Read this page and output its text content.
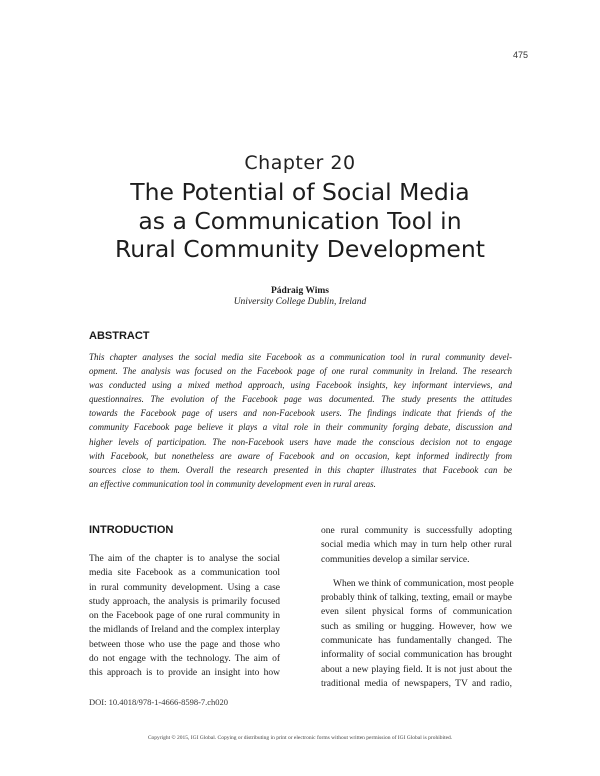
475
Chapter 20
The Potential of Social Media
as a Communication Tool in
Rural Community Development
Pádraig Wims
University College Dublin, Ireland
ABSTRACT
This chapter analyses the social media site Facebook as a communication tool in rural community devel-
opment. The analysis was focused on the Facebook page of one rural community in Ireland. The research
was conducted using a mixed method approach, using Facebook insights, key informant interviews, and
questionnaires. The evolution of the Facebook page was documented. The study presents the attitudes
towards the Facebook page of users and non-Facebook users. The findings indicate that friends of the
community Facebook page believe it plays a vital role in their community forging debate, discussion and
higher levels of participation. The non-Facebook users have made the conscious decision not to engage
with Facebook, but nonetheless are aware of Facebook and on occasion, kept informed indirectly from
sources close to them. Overall the research presented in this chapter illustrates that Facebook can be
an effective communication tool in community development even in rural areas.
INTRODUCTION
The aim of the chapter is to analyse the social
media site Facebook as a communication tool
in rural community development. Using a case
study approach, the analysis is primarily focused
on the Facebook page of one rural community in
the midlands of Ireland and the complex interplay
between those who use the page and those who
do not engage with the technology. The aim of
this approach is to provide an insight into how
one rural community is successfully adopting
social media which may in turn help other rural
communities develop a similar service.
When we think of communication, most people
probably think of talking, texting, email or maybe
even silent physical forms of communication
such as smiling or hugging. However, how we
communicate has fundamentally changed. The
informality of social communication has brought
about a new playing field. It is not just about the
traditional media of newspapers, TV and radio,
DOI: 10.4018/978-1-4666-8598-7.ch020
Copyright © 2015, IGI Global. Copying or distributing in print or electronic forms without written permission of IGI Global is prohibited.
